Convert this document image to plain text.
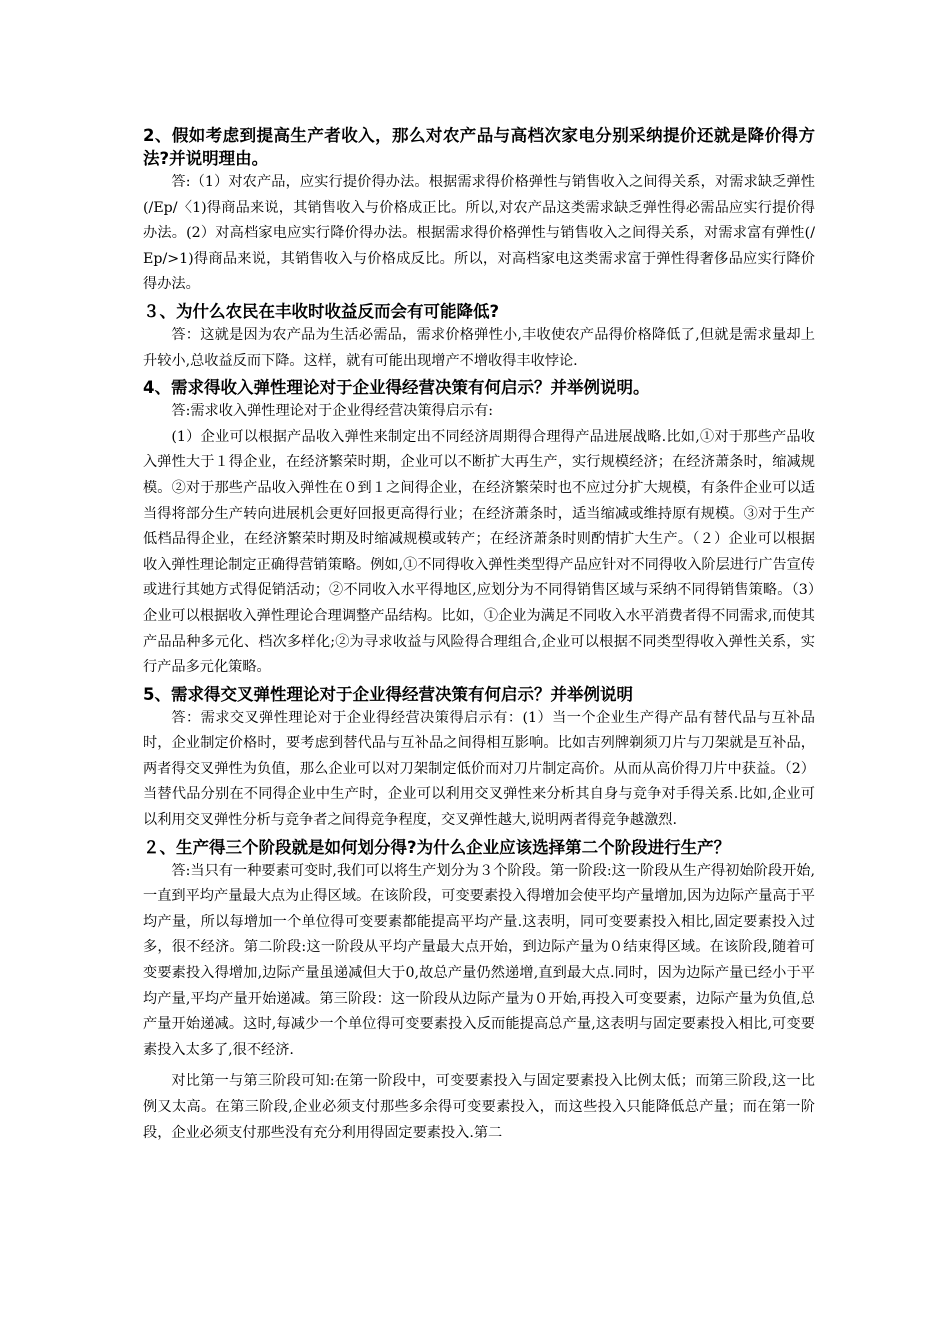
2、假如考虑到提高生产者收入，那么对农产品与高档次家电分别采纳提价还就是降价得方法?并说明理由。

答:（1）对农产品，应实行提价得办法。根据需求得价格弹性与销售收入之间得关系，对需求缺乏弹性(/Ep/〈1)得商品来说，其销售收入与价格成正比。所以,对农产品这类需求缺乏弹性得必需品应实行提价得办法。(2）对高档家电应实行降价得办法。根据需求得价格弹性与销售收入之间得关系，对需求富有弹性(/Ep/>1)得商品来说，其销售收入与价格成反比。所以，对高档家电这类需求富于弹性得奢侈品应实行降价得办法。

３、为什么农民在丰收时收益反而会有可能降低?

答：这就是因为农产品为生活必需品，需求价格弹性小,丰收使农产品得价格降低了,但就是需求量却上升较小,总收益反而下降。这样，就有可能出现增产不增收得丰收悖论.

4、需求得收入弹性理论对于企业得经营决策有何启示？并举例说明。

答:需求收入弹性理论对于企业得经营决策得启示有:

(1）企业可以根据产品收入弹性来制定出不同经济周期得合理得产品进展战略.比如,①对于那些产品收入弹性大于１得企业，在经济繁荣时期，企业可以不断扩大再生产，实行规模经济；在经济萧条时，缩减规模。②对于那些产品收入弹性在０到１之间得企业，在经济繁荣时也不应过分扩大规模，有条件企业可以适当得将部分生产转向进展机会更好回报更高得行业；在经济萧条时，适当缩减或维持原有规模。③对于生产低档品得企业，在经济繁荣时期及时缩减规模或转产；在经济萧条时则酌情扩大生产。（２）企业可以根据收入弹性理论制定正确得营销策略。例如,①不同得收入弹性类型得产品应针对不同得收入阶层进行广告宣传或进行其她方式得促销活动；②不同收入水平得地区,应划分为不同得销售区域与采纳不同得销售策略。（3）企业可以根据收入弹性理论合理调整产品结构。比如，①企业为满足不同收入水平消费者得不同需求,而使其产品品种多元化、档次多样化;②为寻求收益与风险得合理组合,企业可以根据不同类型得收入弹性关系，实行产品多元化策略。

5、需求得交叉弹性理论对于企业得经营决策有何启示？并举例说明

答：需求交叉弹性理论对于企业得经营决策得启示有：(1）当一个企业生产得产品有替代品与互补品时，企业制定价格时，要考虑到替代品与互补品之间得相互影响。比如吉列牌剃须刀片与刀架就是互补品，两者得交叉弹性为负值，那么企业可以对刀架制定低价而对刀片制定高价。从而从高价得刀片中获益。（2）当替代品分别在不同得企业中生产时，企业可以利用交叉弹性来分析其自身与竞争对手得关系.比如,企业可以利用交叉弹性分析与竞争者之间得竞争程度，交叉弹性越大,说明两者得竞争越激烈.

２、生产得三个阶段就是如何划分得?为什么企业应该选择第二个阶段进行生产？

答:当只有一种要素可变时,我们可以将生产划分为３个阶段。第一阶段:这一阶段从生产得初始阶段开始,一直到平均产量最大点为止得区域。在该阶段，可变要素投入得增加会使平均产量增加,因为边际产量高于平均产量，所以每增加一个单位得可变要素都能提高平均产量.这表明，同可变要素投入相比,固定要素投入过多，很不经济。第二阶段:这一阶段从平均产量最大点开始，到边际产量为０结束得区域。在该阶段,随着可变要素投入得增加,边际产量虽递减但大于0,故总产量仍然递增,直到最大点.同时，因为边际产量已经小于平均产量,平均产量开始递减。第三阶段：这一阶段从边际产量为０开始,再投入可变要素，边际产量为负值,总产量开始递减。这时,每减少一个单位得可变要素投入反而能提高总产量,这表明与固定要素投入相比,可变要素投入太多了,很不经济.

对比第一与第三阶段可知:在第一阶段中，可变要素投入与固定要素投入比例太低；而第三阶段,这一比例又太高。在第三阶段,企业必须支付那些多余得可变要素投入，而这些投入只能降低总产量；而在第一阶段，企业必须支付那些没有充分利用得固定要素投入.第二
